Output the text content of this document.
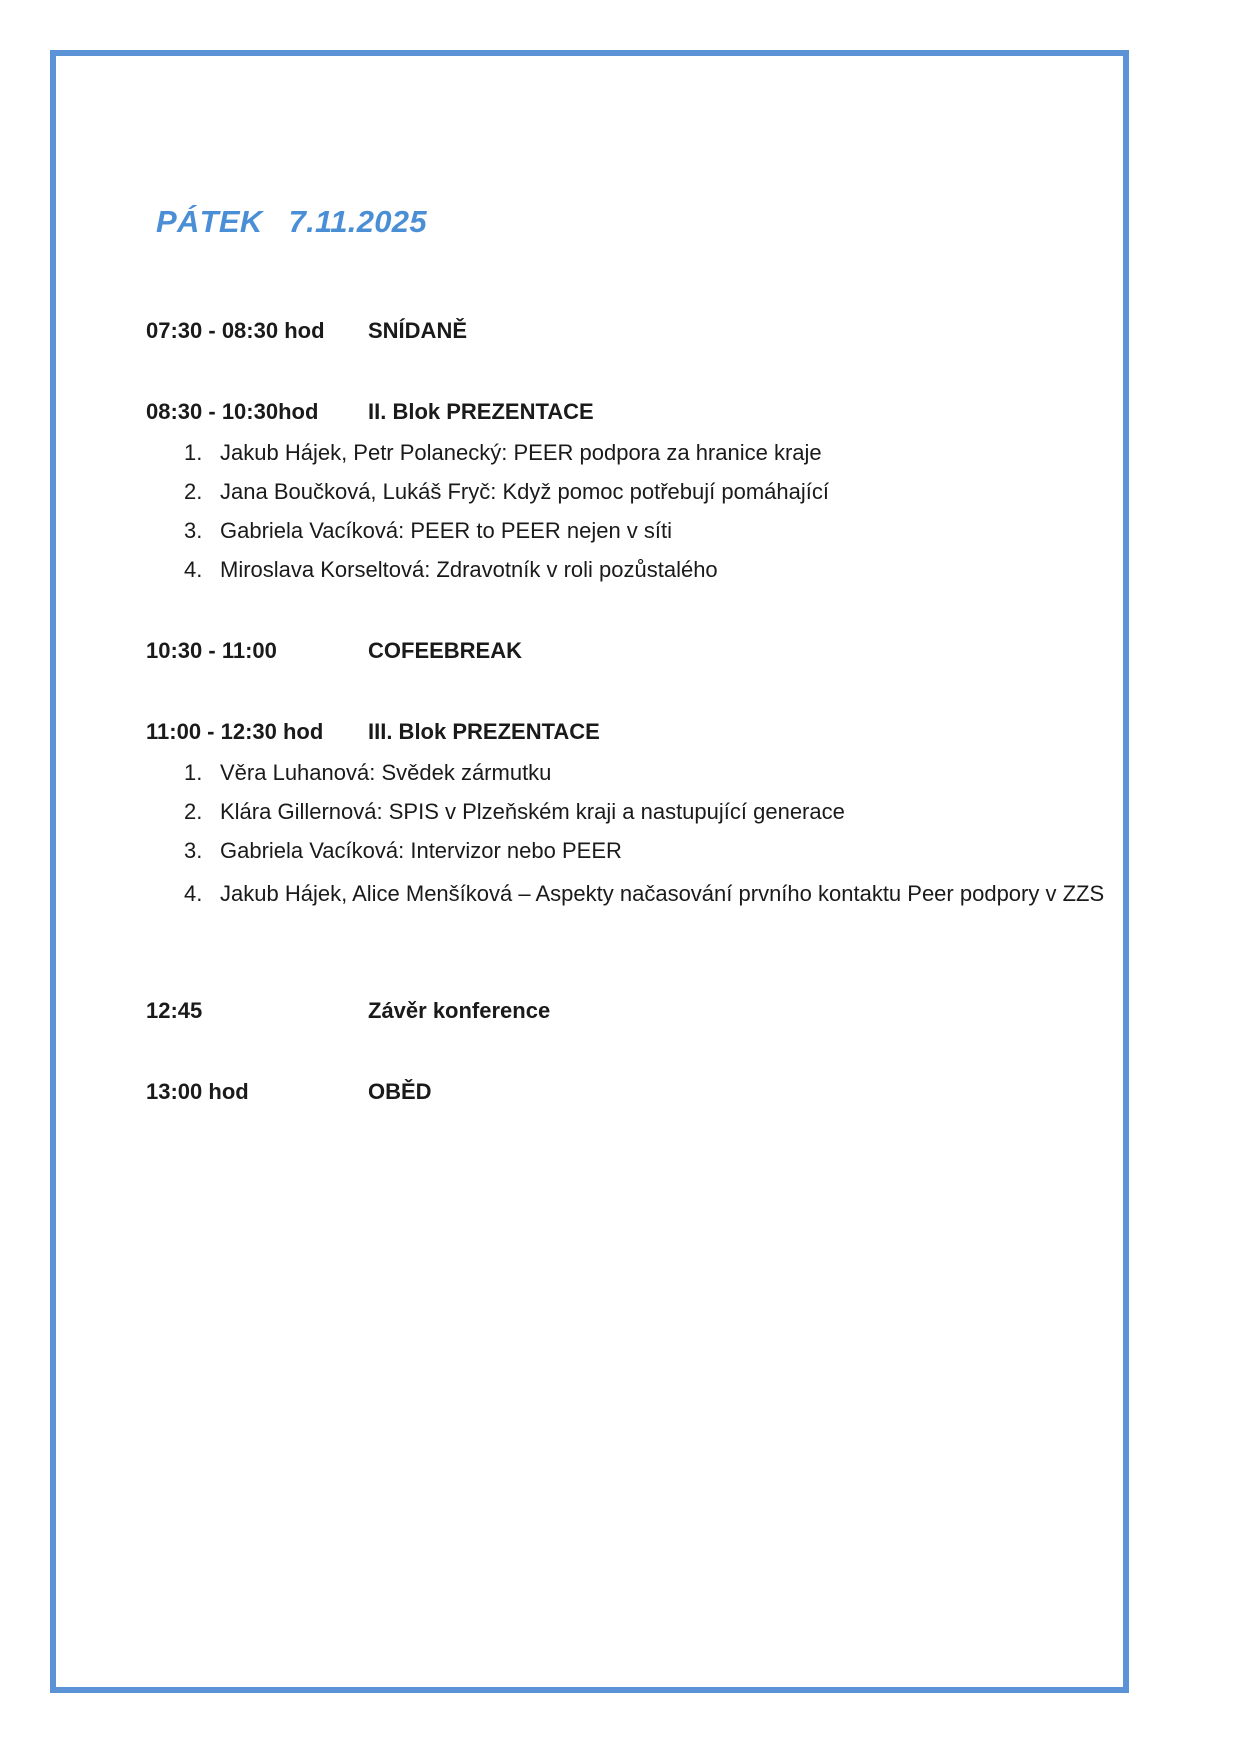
PÁTEK 7.11.2025
07:30 - 08:30 hod SNÍDANĚ
08:30 - 10:30hod II. Blok PREZENTACE
1. Jakub Hájek, Petr Polanecký: PEER podpora za hranice kraje
2. Jana Boučková, Lukáš Fryč: Když pomoc potřebují pomáhající
3. Gabriela Vacíková: PEER to PEER nejen v síti
4. Miroslava Korseltová: Zdravotník v roli pozůstalého
10:30 - 11:00	COFEEBREAK
11:00 - 12:30 hod III. Blok PREZENTACE
1. Věra Luhanová: Svědek zármutku
2. Klára Gillernová: SPIS v Plzeňském kraji a nastupující generace
3. Gabriela Vacíková: Intervizor nebo PEER
4. Jakub Hájek, Alice Menšíková – Aspekty načasování prvního kontaktu Peer podpory v ZZS
12:45	Závěr konference
13:00 hod	OBĚD
